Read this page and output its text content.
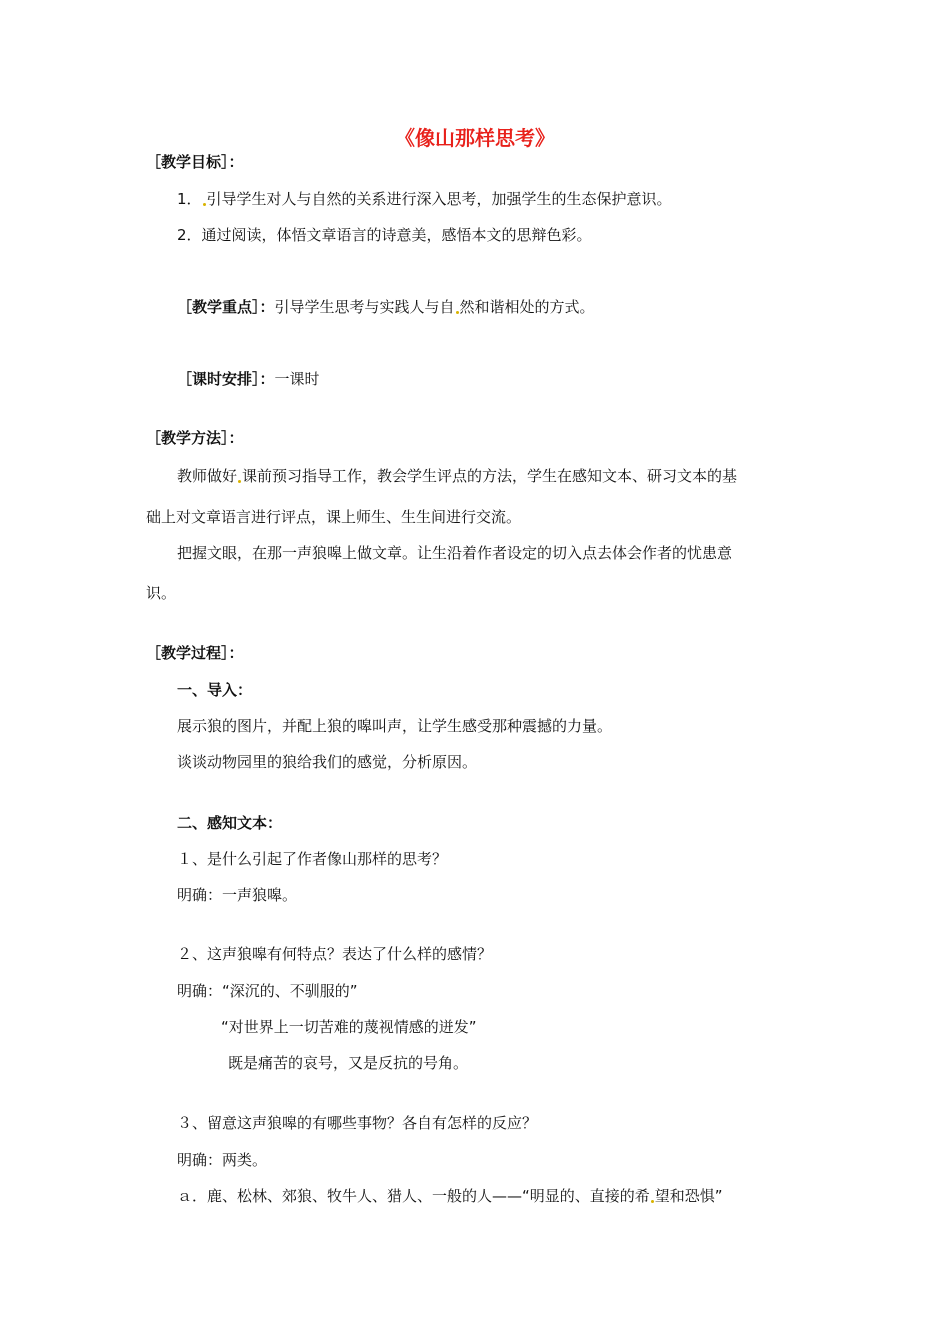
《像山那样思考》
［教学目标］：
1． 引导学生对人与自然的关系进行深入思考，加强学生的生态保护意识。
2．通过阅读，体悟文章语言的诗意美，感悟本文的思辩色彩。
［教学重点］：引导学生思考与实践人与自 然和谐相处的方式。
［课时安排］：一课时
［教学方法］：
教师做好 课前预习指导工作，教会学生评点的方法，学生在感知文本、研习文本的基
础上对文章语言进行评点，课上师生、生生间进行交流。
把握文眼，在那一声狼嗥上做文章。让生沿着作者设定的切入点去体会作者的忧患意
识。
［教学过程］：
一、导入：
展示狼的图片，并配上狼的嗥叫声，让学生感受那种震撼的力量。
谈谈动物园里的狼给我们的感觉，分析原因。
二、感知文本：
１、是什么引起了作者像山那样的思考？
明确：一声狼嗥。
２、这声狼嗥有何特点？表达了什么样的感情？
明确：“深沉的、不驯服的”
“对世界上一切苦难的蔑视情感的迸发”
既是痛苦的哀号，又是反抗的号角。
３、留意这声狼嗥的有哪些事物？各自有怎样的反应？
明确：两类。
ａ．鹿、松林、郊狼、牧牛人、猎人、一般的人——“明显的、直接的希 望和恐惧”
